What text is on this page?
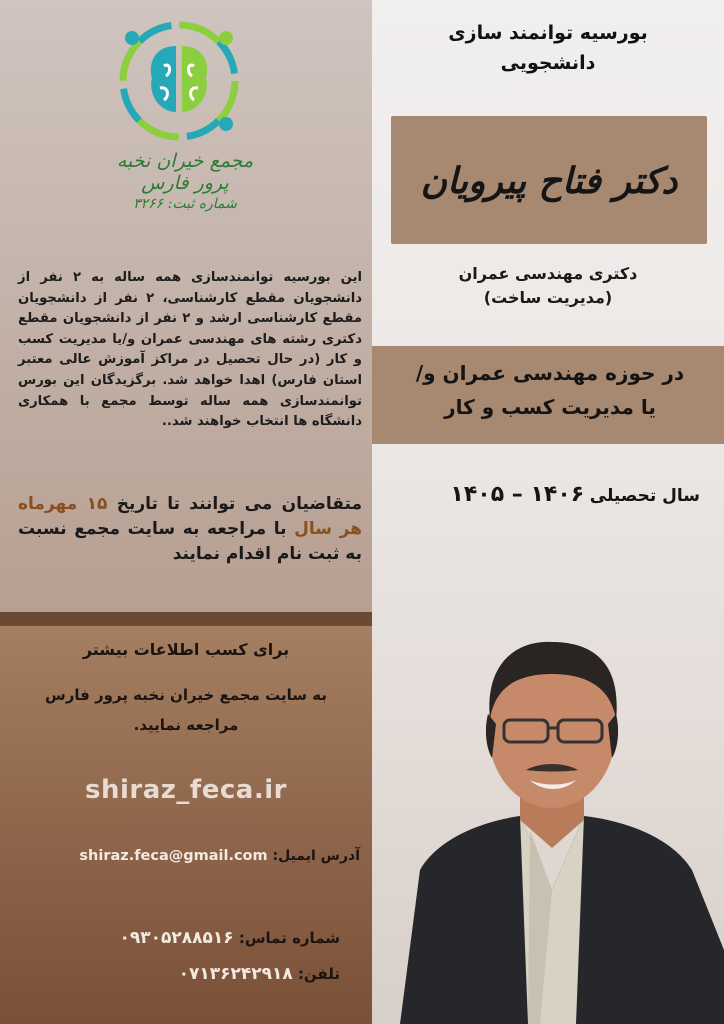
مجمع خیران نخبه پرور فارس
شماره ثبت: ۳۲۶۶

این بورسیه توانمندسازی همه ساله به ۲ نفر از دانشجویان مقطع کارشناسی، ۲ نفر از دانشجویان مقطع کارشناسی ارشد و ۲ نفر از دانشجویان مقطع دکتری رشته های مهندسی عمران و/یا مدیریت کسب و کار (در حال تحصیل در مراکز آموزش عالی معتبر استان فارس) اهدا خواهد شد. برگزیدگان این بورس توانمندسازی همه ساله توسط مجمع با همکاری دانشگاه ها انتخاب خواهند شد..

متقاضیان می توانند تا تاریخ ۱۵ مهرماه هر سال با مراجعه به سایت مجمع نسبت به ثبت نام اقدام نمایند

برای کسب اطلاعات بیشتر
به سایت مجمع خیران نخبه پرور فارس مراجعه نمایید.
shiraz_feca.ir
آدرس ایمیل: shiraz.feca@gmail.com
شماره تماس: ۰۹۳۰۵۲۸۸۵۱۶
تلفن: ۰۷۱۳۶۲۴۲۹۱۸
بورسیه توانمند سازی
دانشجویی
دکتر فتاح پیرویان
دکتری مهندسی عمران
(مدیریت ساخت)
در حوزه مهندسی عمران و/
یا مدیریت کسب و کار
سال تحصیلی ۱۴۰۶ – ۱۴۰۵
